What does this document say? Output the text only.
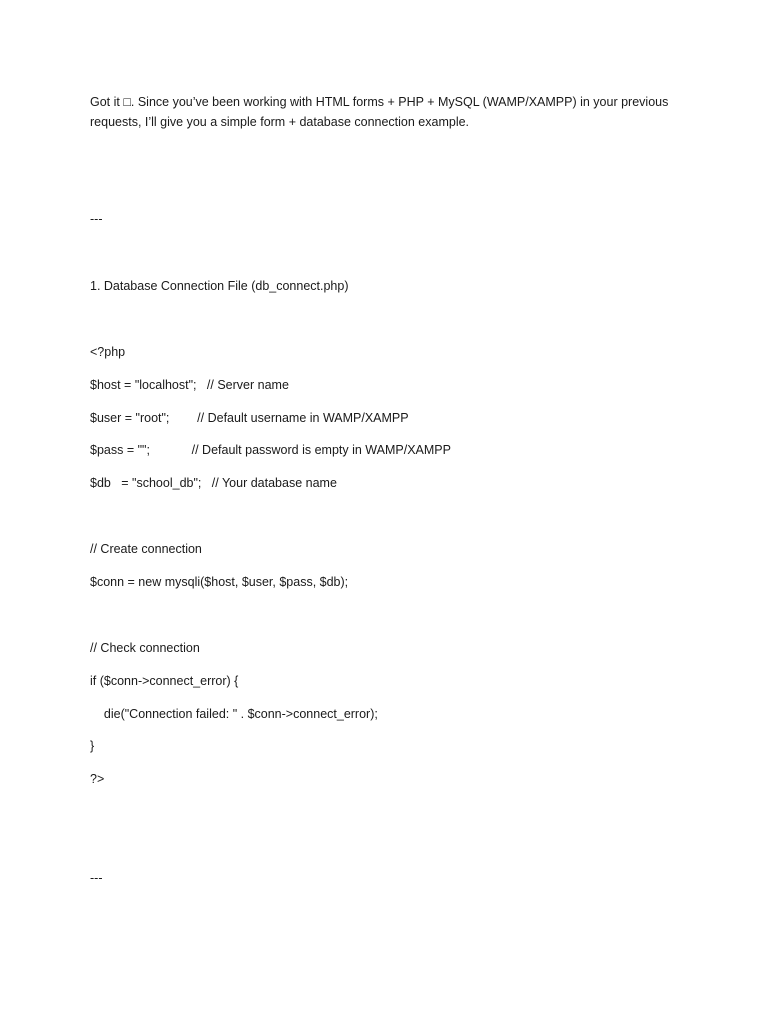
Got it □. Since you’ve been working with HTML forms + PHP + MySQL (WAMP/XAMPP) in your previous requests, I’ll give you a simple form + database connection example.
---
1. Database Connection File (db_connect.php)
<?php
$host = "localhost";   // Server name
$user = "root";        // Default username in WAMP/XAMPP
$pass = "";            // Default password is empty in WAMP/XAMPP
$db   = "school_db";   // Your database name
// Create connection
$conn = new mysqli($host, $user, $pass, $db);
// Check connection
if ($conn->connect_error) {
die("Connection failed: " . $conn->connect_error);
}
?>
---
